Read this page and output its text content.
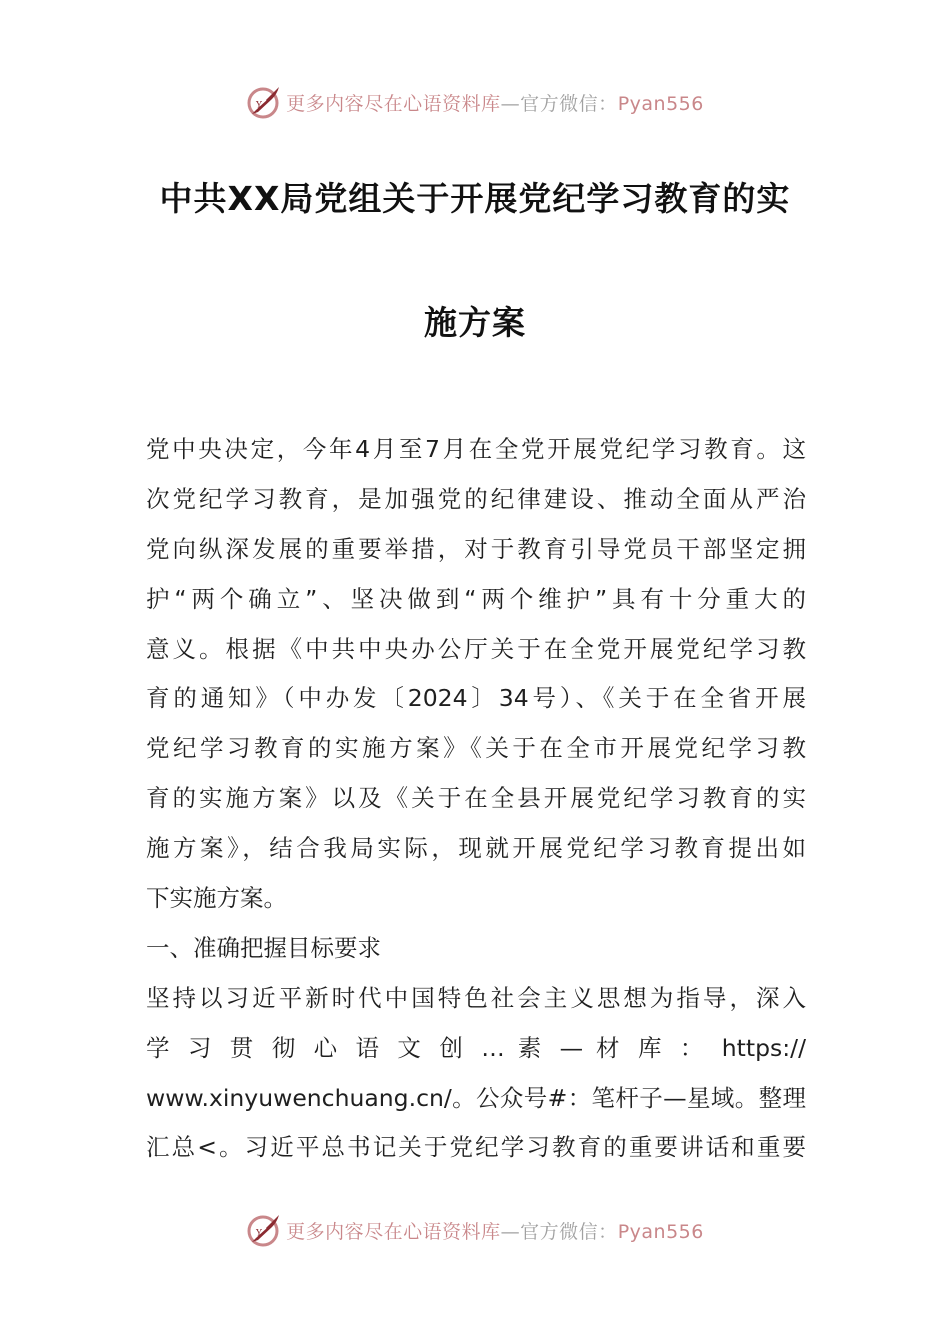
Y 更多内容尽在心语资料库—官方微信：Pyan556
中共XX局党组关于开展党纪学习教育的实
施方案
党中央决定，今年4月至7月在全党开展党纪学习教育。这
次党纪学习教育，是加强党的纪律建设、推动全面从严治
党向纵深发展的重要举措，对于教育引导党员干部坚定拥
护“两个确立”、坚决做到“两个维护”具有十分重大的
意义。根据《中共中央办公厅关于在全党开展党纪学习教
育的通知》（中办发〔2024〕34号）、《关于在全省开展
党纪学习教育的实施方案》《关于在全市开展党纪学习教
育的实施方案》以及《关于在全县开展党纪学习教育的实
施方案》，结合我局实际，现就开展党纪学习教育提出如
下实施方案。
一、准确把握目标要求
坚持以习近平新时代中国特色社会主义思想为指导，深入
学 习 贯 彻 心 语 文 创 … 素 — 材 库 ： https://
www.xinyuwenchuang.cn/。公众号#：笔杆子—星域。整理
汇总<。习近平总书记关于党纪学习教育的重要讲话和重要
Y 更多内容尽在心语资料库—官方微信：Pyan556
